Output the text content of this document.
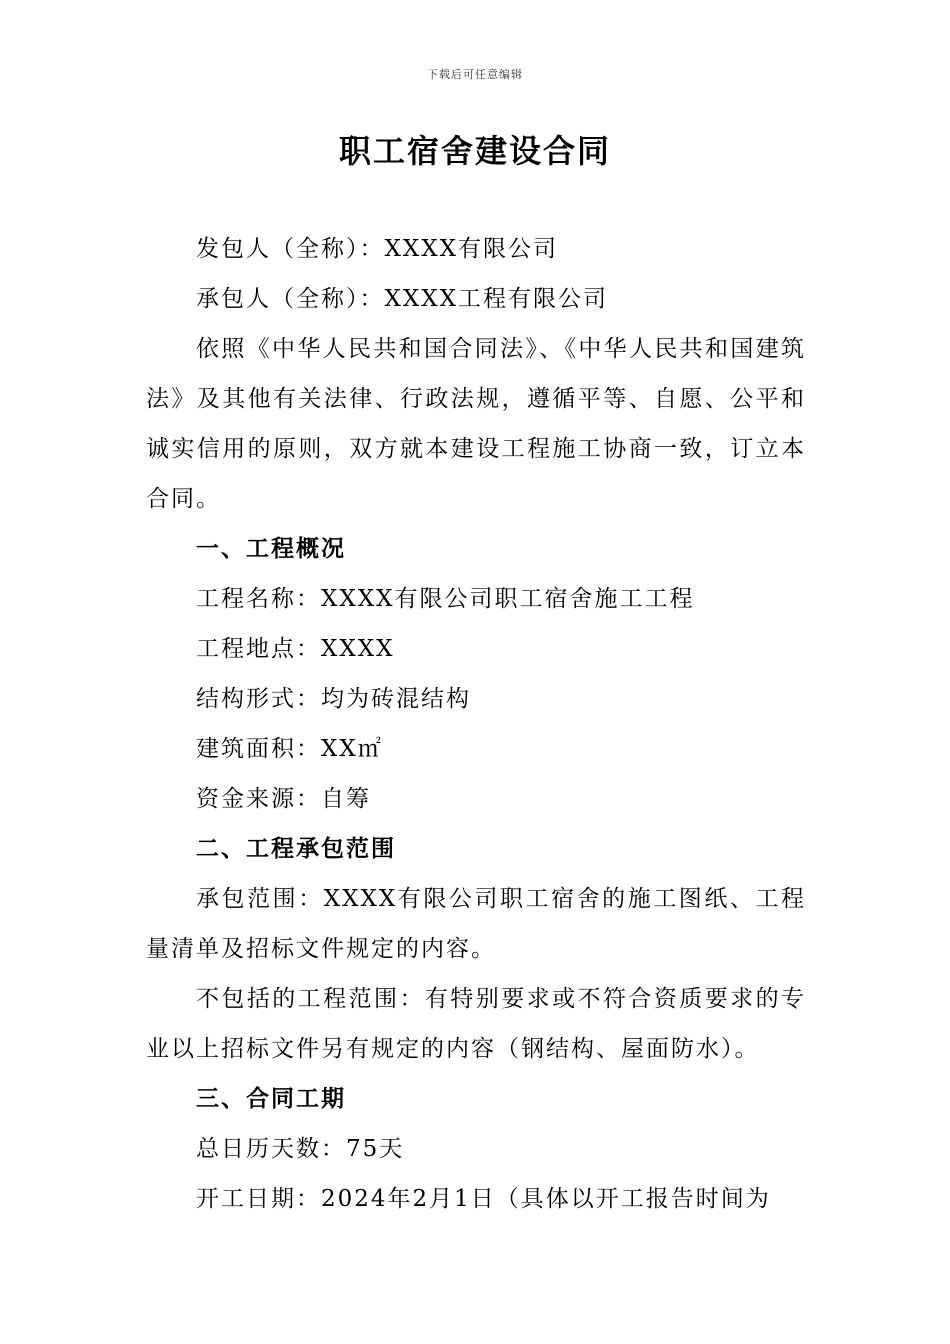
下载后可任意编辑
职工宿舍建设合同

发包人（全称）：XXXX有限公司

承包人（全称）：XXXX工程有限公司

依照《中华人民共和国合同法》、《中华人民共和国建筑法》及其他有关法律、行政法规，遵循平等、自愿、公平和诚实信用的原则，双方就本建设工程施工协商一致，订立本合同。

一、工程概况

工程名称：XXXX有限公司职工宿舍施工工程

工程地点：XXXX

结构形式：均为砖混结构

建筑面积：XX㎡

资金来源：自筹

二、工程承包范围

承包范围：XXXX有限公司职工宿舍的施工图纸、工程量清单及招标文件规定的内容。

不包括的工程范围：有特别要求或不符合资质要求的专业以上招标文件另有规定的内容（钢结构、屋面防水）。

三、合同工期

总日历天数：75天

开工日期：2024年2月1日（具体以开工报告时间为
